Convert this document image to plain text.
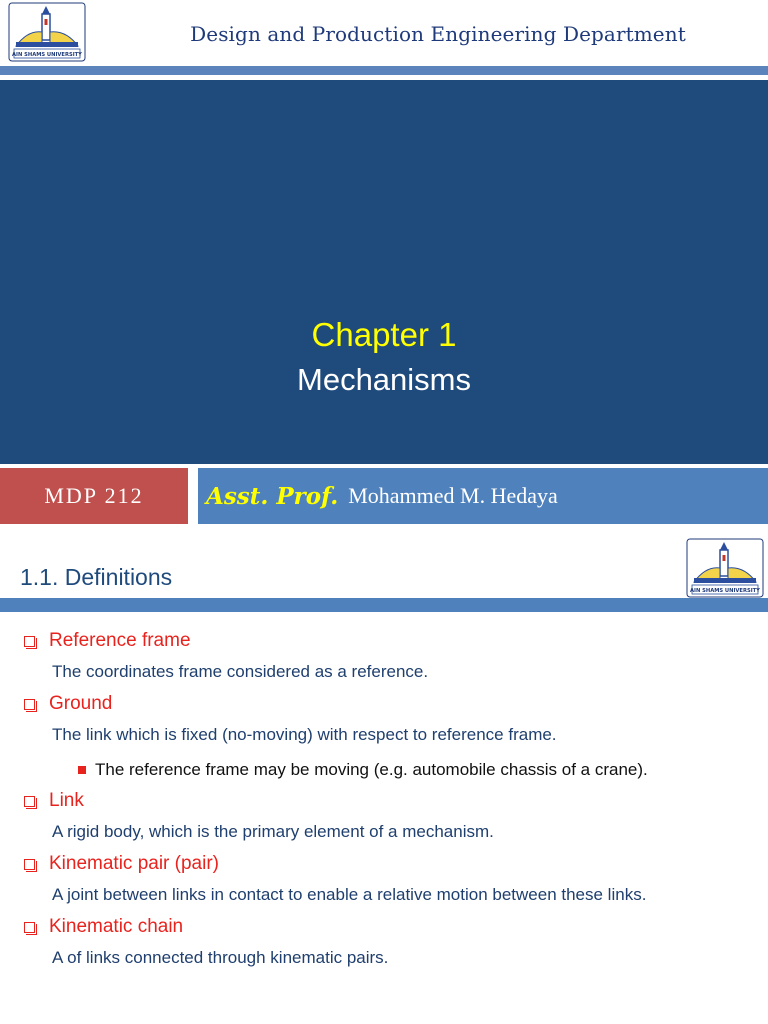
AIN SHAMS UNIVERSITY
Design and Production Engineering Department
Chapter 1
Mechanisms
MDP 212	Asst. Prof. Mohammed M. Hedaya
1.1. Definitions
AIN SHAMS UNIVERSITY
Reference frame
The coordinates frame considered as a reference.
Ground
The link which is fixed (no-moving) with respect to reference frame.
The reference frame may be moving (e.g. automobile chassis of a crane).
Link
A rigid body, which is the primary element of a mechanism.
Kinematic pair (pair)
A joint between links in contact to enable a relative motion between these links.
Kinematic chain
A of links connected through kinematic pairs.
